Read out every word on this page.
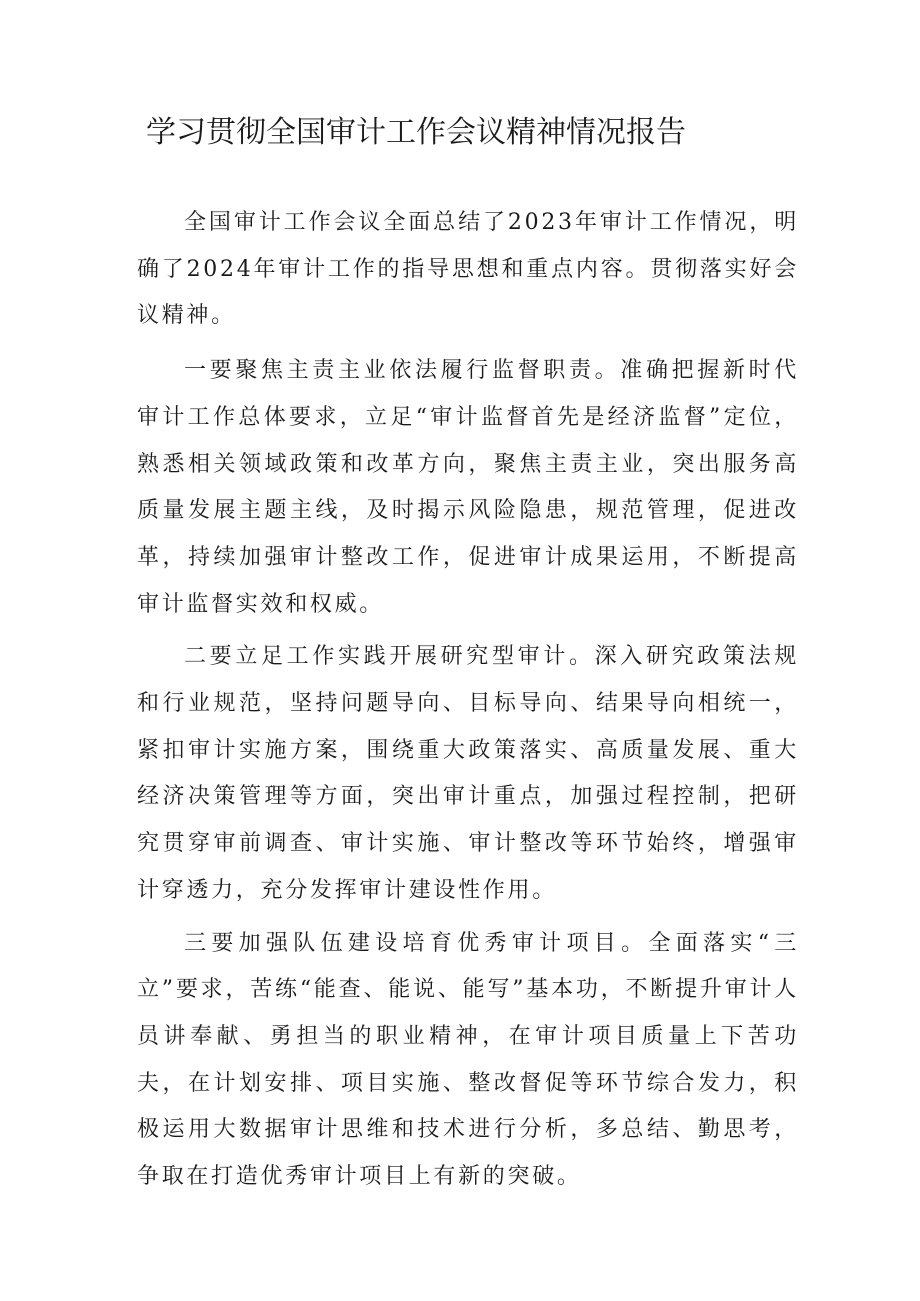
学习贯彻全国审计工作会议精神情况报告

全国审计工作会议全面总结了2023年审计工作情况，明确了2024年审计工作的指导思想和重点内容。贯彻落实好会议精神。

一要聚焦主责主业依法履行监督职责。准确把握新时代审计工作总体要求，立足“审计监督首先是经济监督”定位，熟悉相关领域政策和改革方向，聚焦主责主业，突出服务高质量发展主题主线，及时揭示风险隐患，规范管理，促进改革，持续加强审计整改工作，促进审计成果运用，不断提高审计监督实效和权威。

二要立足工作实践开展研究型审计。深入研究政策法规和行业规范，坚持问题导向、目标导向、结果导向相统一，紧扣审计实施方案，围绕重大政策落实、高质量发展、重大经济决策管理等方面，突出审计重点，加强过程控制，把研究贯穿审前调查、审计实施、审计整改等环节始终，增强审计穿透力，充分发挥审计建设性作用。

三要加强队伍建设培育优秀审计项目。全面落实“三立”要求，苦练“能查、能说、能写”基本功，不断提升审计人员讲奉献、勇担当的职业精神，在审计项目质量上下苦功夫，在计划安排、项目实施、整改督促等环节综合发力，积极运用大数据审计思维和技术进行分析，多总结、勤思考，争取在打造优秀审计项目上有新的突破。
